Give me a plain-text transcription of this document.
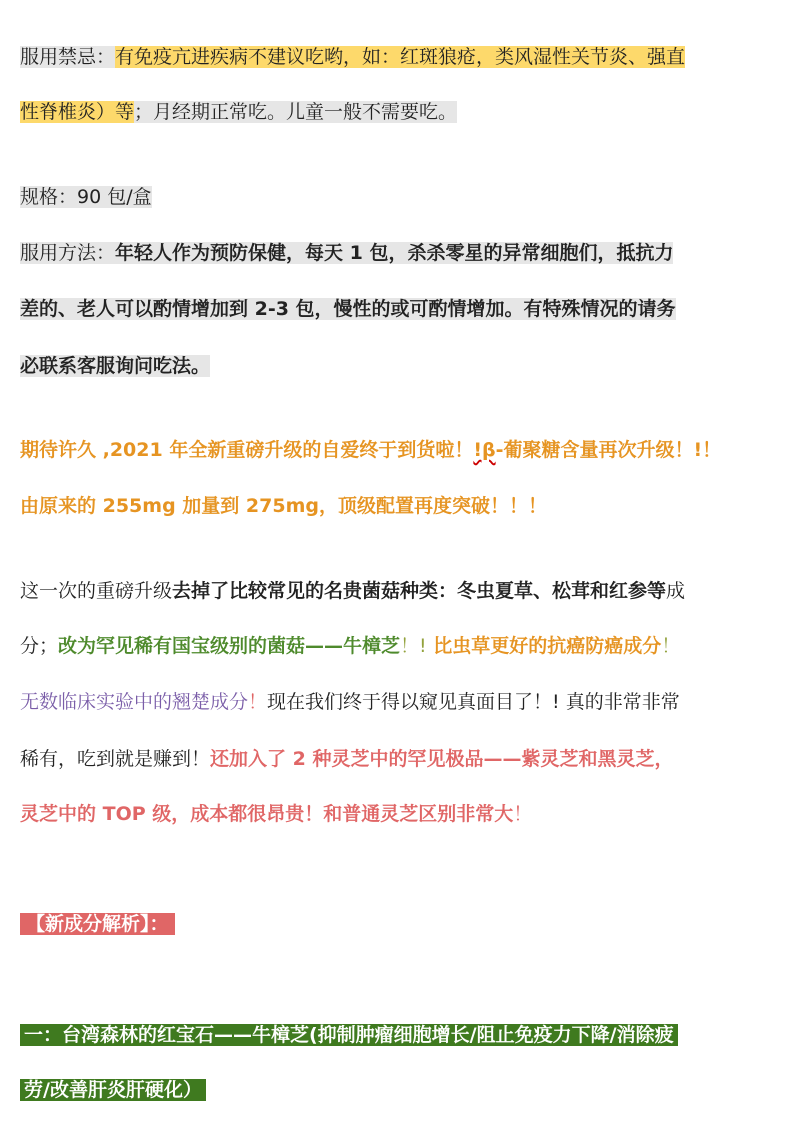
服用禁忌：有免疫亢进疾病不建议吃哟，如：红斑狼疮，类风湿性关节炎、强直
性脊椎炎）等；月经期正常吃。儿童一般不需要吃。
规格：90 包/盒
服用方法：年轻人作为预防保健，每天 1 包，杀杀零星的异常细胞们，抵抗力
差的、老人可以酌情增加到 2-3 包，慢性的或可酌情增加。有特殊情况的请务
必联系客服询问吃法。
期待许久 ,2021 年全新重磅升级的自爱终于到货啦！!β-葡聚糖含量再次升级！!！
由原来的 255mg 加量到 275mg，顶级配置再度突破！！！
这一次的重磅升级去掉了比较常见的名贵菌菇种类：冬虫夏草、松茸和红参等成
分；改为罕见稀有国宝级别的菌菇——牛樟芝！! 比虫草更好的抗癌防癌成分！
无数临床实验中的翘楚成分！现在我们终于得以窥见真面目了！! 真的非常非常
稀有，吃到就是赚到！还加入了 2 种灵芝中的罕见极品——紫灵芝和黑灵芝，
灵芝中的 TOP 级，成本都很昂贵！和普通灵芝区别非常大！
【新成分解析】：
一：台湾森林的红宝石——牛樟芝(抑制肿瘤细胞增长/阻止免疫力下降/消除疲
劳/改善肝炎肝硬化）
